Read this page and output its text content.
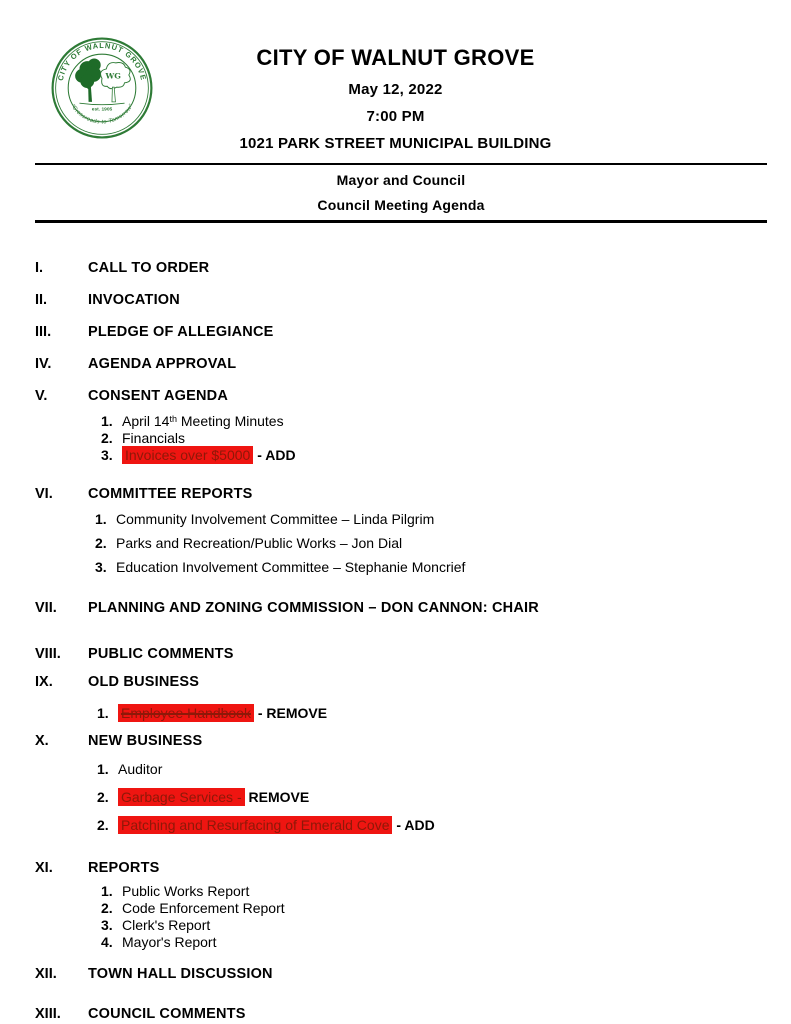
CITY OF WALNUT GROVE
"Crossroads to Tomorrow"
WG
est. 1905
CITY OF WALNUT GROVE
May 12, 2022
7:00 PM
1021 PARK STREET MUNICIPAL BUILDING
Mayor and Council
Council Meeting Agenda
I.	CALL TO ORDER
II.	INVOCATION
III.	PLEDGE OF ALLEGIANCE
IV.	AGENDA APPROVAL
V.	CONSENT AGENDA
1. April 14th Meeting Minutes
2. Financials
3. Invoices over $5000 - ADD
VI.	COMMITTEE REPORTS
1. Community Involvement Committee – Linda Pilgrim
2. Parks and Recreation/Public Works – Jon Dial
3. Education Involvement Committee – Stephanie Moncrief
VII.	PLANNING AND ZONING COMMISSION – DON CANNON: CHAIR
VIII.	PUBLIC COMMENTS
IX.	OLD BUSINESS
1. Employee Handbook - REMOVE
X.	NEW BUSINESS
1. Auditor
2. Garbage Services - REMOVE
2. Patching and Resurfacing of Emerald Cove - ADD
XI.	REPORTS
1. Public Works Report
2. Code Enforcement Report
3. Clerk's Report
4. Mayor's Report
XII.	TOWN HALL DISCUSSION
XIII.	COUNCIL COMMENTS
